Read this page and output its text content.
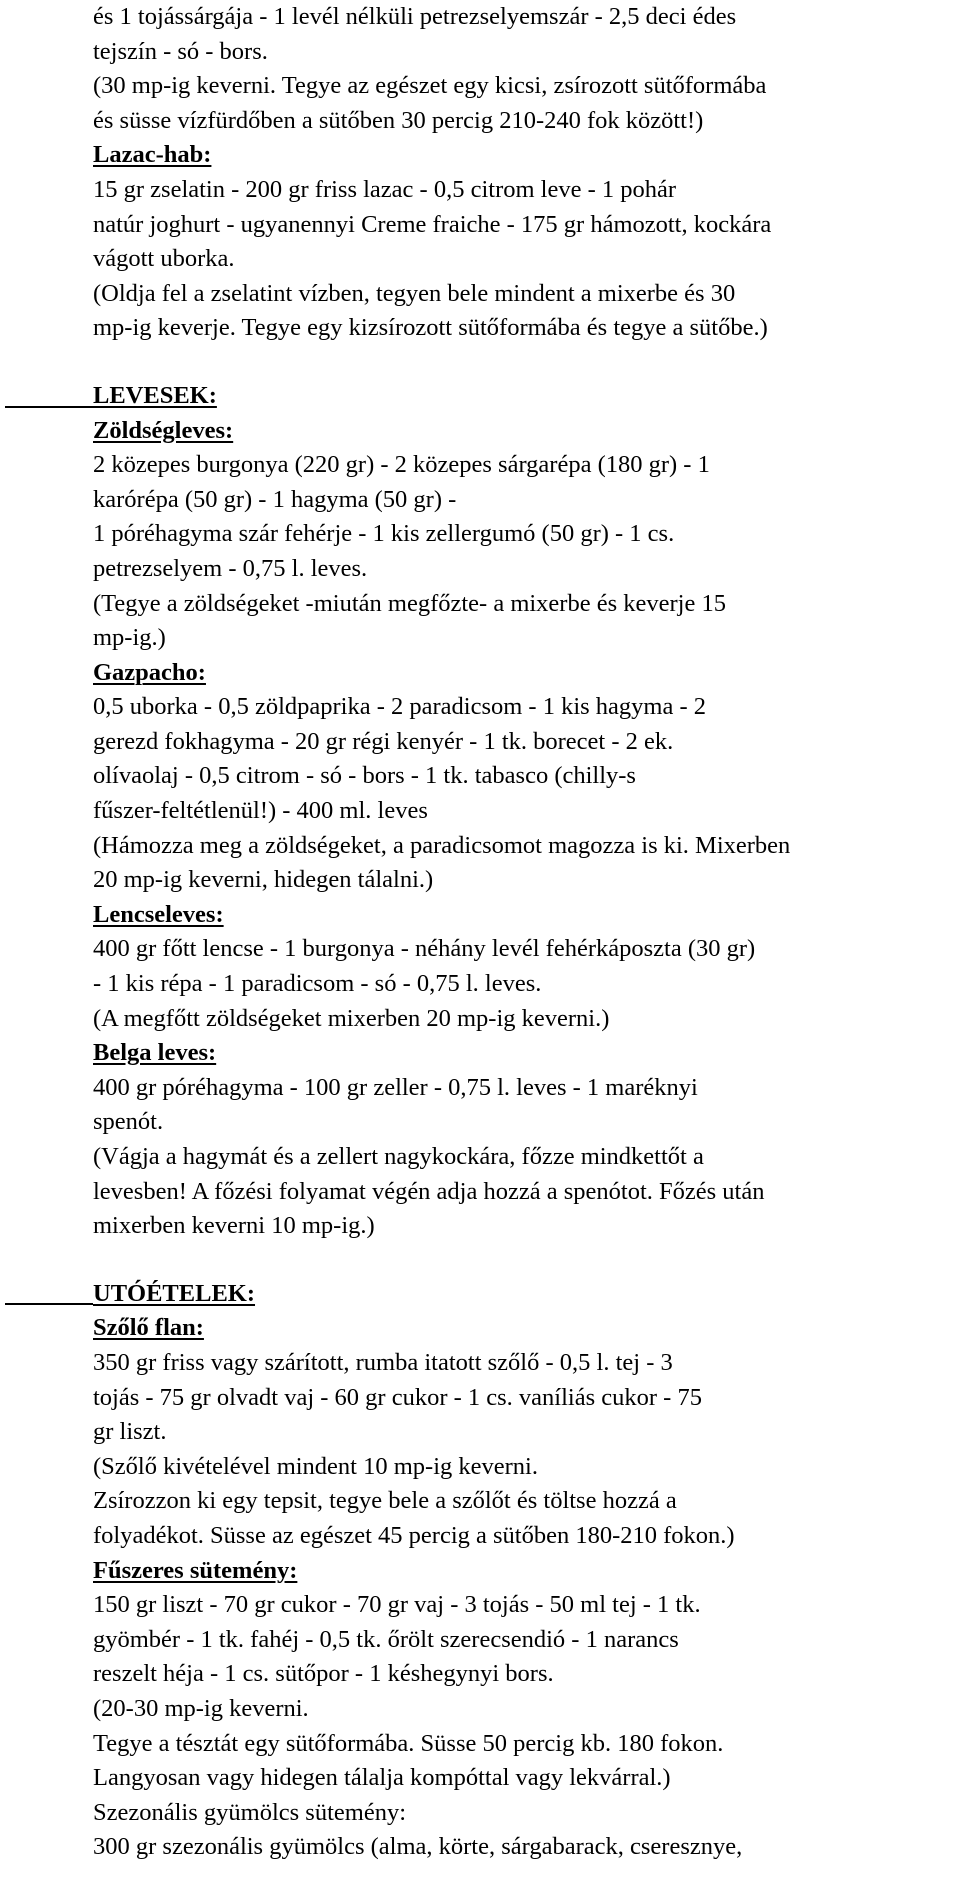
és 1 tojássárgája - 1 levél nélküli petrezselyemszár - 2,5 deci édes
tejszín - só - bors.
(30 mp-ig keverni. Tegye az egészet egy kicsi, zsírozott sütőformába
és süsse vízfürdőben a sütőben 30 percig 210-240 fok között!)
Lazac-hab:
15 gr zselatin - 200 gr friss lazac - 0,5 citrom leve - 1 pohár
natúr joghurt - ugyanennyi Creme fraiche - 175 gr hámozott, kockára
vágott uborka.
(Oldja fel a zselatint vízben, tegyen bele mindent a mixerbe és 30
mp-ig keverje. Tegye egy kizsírozott sütőformába és tegye a sütőbe.)
LEVESEK:
Zöldségleves:
2 közepes burgonya (220 gr) - 2 közepes sárgarépa (180 gr) - 1
karórépa (50 gr) - 1 hagyma (50 gr) -
1 póréhagyma szár fehérje - 1 kis zellergumó (50 gr) - 1 cs.
petrezselyem - 0,75 l. leves.
(Tegye a zöldségeket -miután megfőzte- a mixerbe és keverje 15
mp-ig.)
Gazpacho:
0,5 uborka - 0,5 zöldpaprika - 2 paradicsom - 1 kis hagyma - 2
gerezd fokhagyma - 20 gr régi kenyér - 1 tk. borecet - 2 ek.
olívaolaj - 0,5 citrom - só - bors - 1 tk. tabasco (chilly-s
fűszer-feltétlenül!) - 400 ml. leves
(Hámozza meg a zöldségeket, a paradicsomot magozza is ki. Mixerben
20 mp-ig keverni, hidegen tálalni.)
Lencseleves:
400 gr főtt lencse - 1 burgonya - néhány levél fehérkáposzta (30 gr)
- 1 kis répa - 1 paradicsom - só - 0,75 l. leves.
(A megfőtt zöldségeket mixerben 20 mp-ig keverni.)
Belga leves:
400 gr póréhagyma - 100 gr zeller - 0,75 l. leves - 1 maréknyi
spenót.
(Vágja a hagymát és a zellert nagykockára, főzze mindkettőt a
levesben! A főzési folyamat végén adja hozzá a spenótot. Főzés után
mixerben keverni 10 mp-ig.)
UTÓÉTELEK:
Szőlő flan:
350 gr friss vagy szárított, rumba itatott szőlő - 0,5 l. tej - 3
tojás - 75 gr olvadt vaj - 60 gr cukor - 1 cs. vaníliás cukor - 75
gr liszt.
(Szőlő kivételével mindent 10 mp-ig keverni.
Zsírozzon ki egy tepsit, tegye bele a szőlőt és töltse hozzá a
folyadékot. Süsse az egészet 45 percig a sütőben 180-210 fokon.)
Fűszeres sütemény:
150 gr liszt - 70 gr cukor - 70 gr vaj - 3 tojás - 50 ml tej - 1 tk.
gyömbér - 1 tk. fahéj - 0,5 tk. őrölt szerecsendió - 1 narancs
reszelt héja - 1 cs. sütőpor - 1 késhegynyi bors.
(20-30 mp-ig keverni.
Tegye a tésztát egy sütőformába. Süsse 50 percig kb. 180 fokon.
Langyosan vagy hidegen tálalja kompóttal vagy lekvárral.)
Szezonális gyümölcs sütemény:
300 gr szezonális gyümölcs (alma, körte, sárgabarack, cseresznye,
